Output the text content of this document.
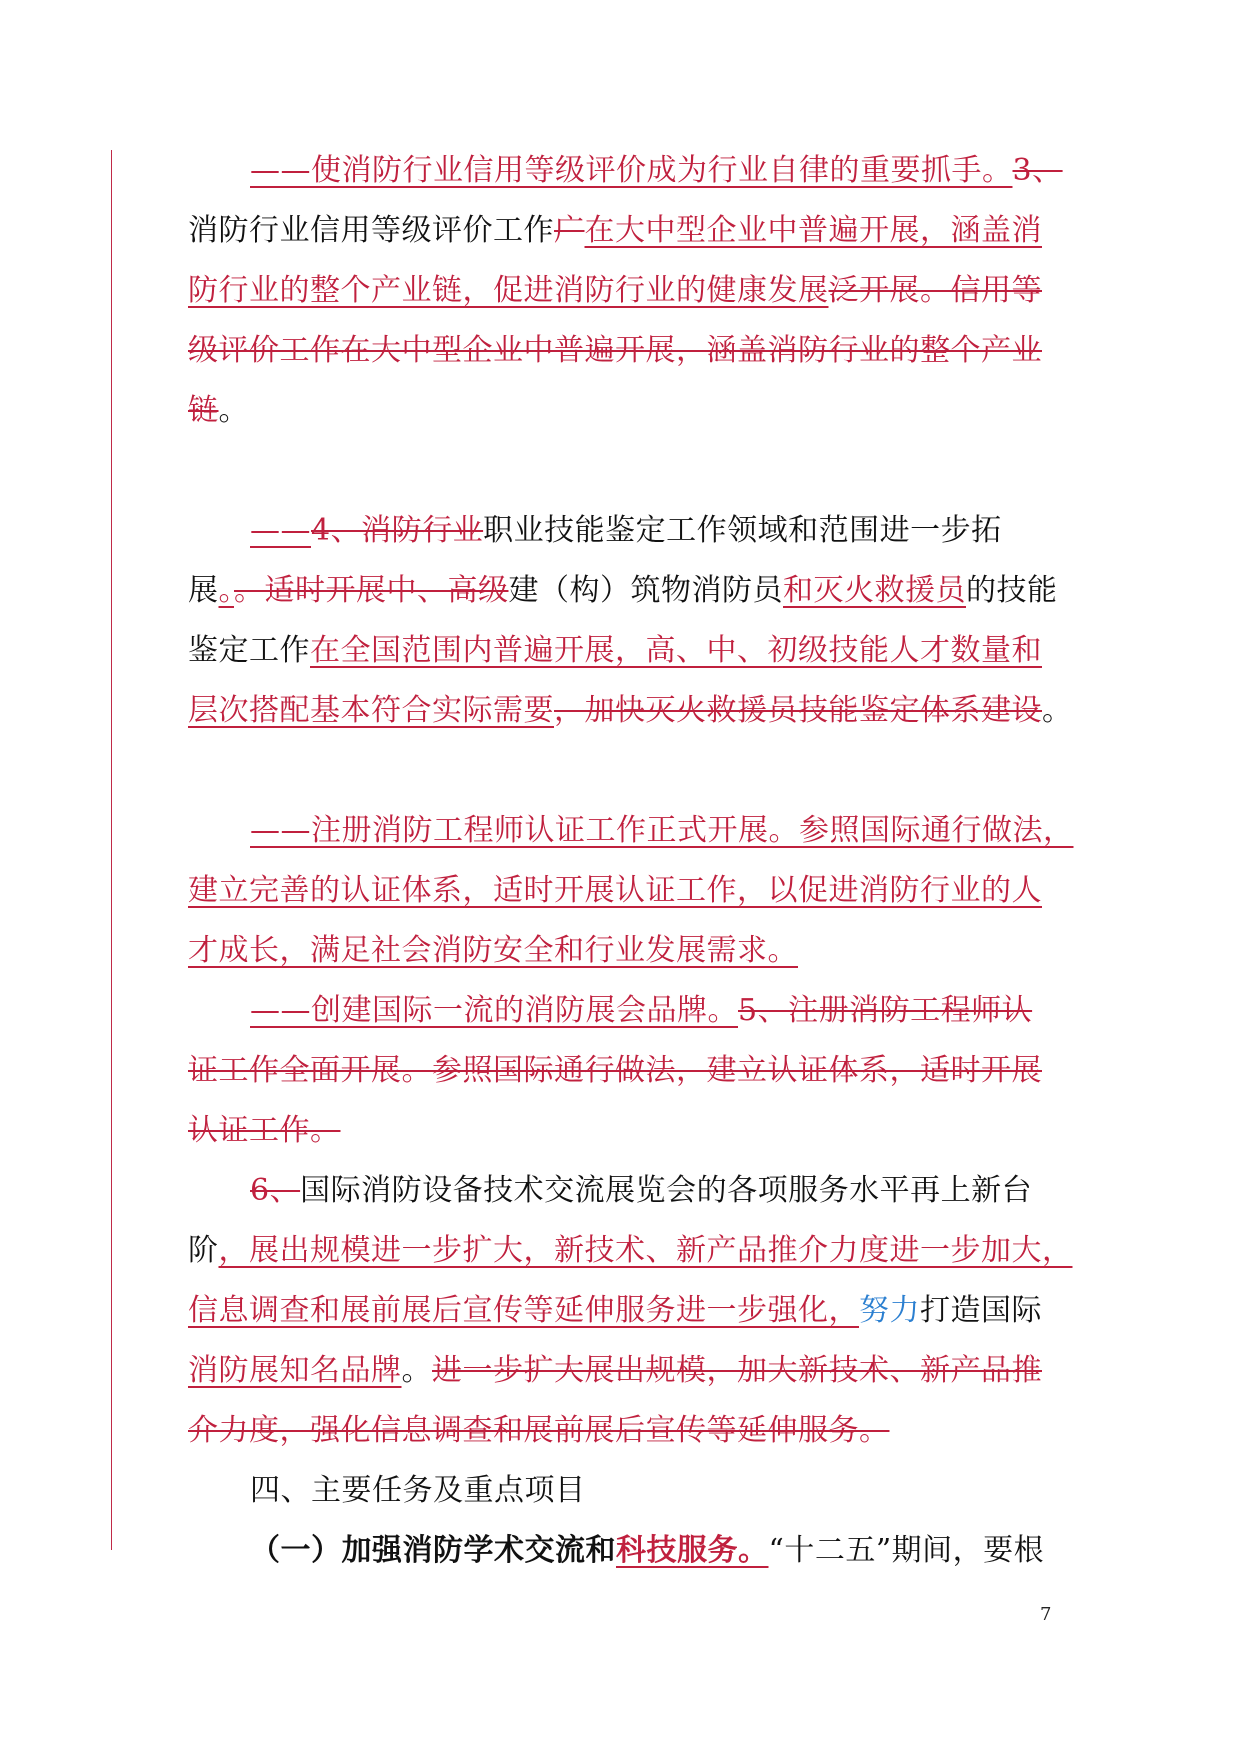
——使消防行业信用等级评价成为行业自律的重要抓手。3、
消防行业信用等级评价工作广在大中型企业中普遍开展，涵盖消
防行业的整个产业链，促进消防行业的健康发展泛开展。信用等
级评价工作在大中型企业中普遍开展，涵盖消防行业的整个产业
链。
——4、消防行业职业技能鉴定工作领域和范围进一步拓
展。。适时开展中、高级建（构）筑物消防员和灭火救援员的技能
鉴定工作在全国范围内普遍开展，高、中、初级技能人才数量和
层次搭配基本符合实际需要，加快灭火救援员技能鉴定体系建设。
——注册消防工程师认证工作正式开展。参照国际通行做法，
建立完善的认证体系，适时开展认证工作，以促进消防行业的人
才成长，满足社会消防安全和行业发展需求。
——创建国际一流的消防展会品牌。5、注册消防工程师认
证工作全面开展。参照国际通行做法，建立认证体系，适时开展
认证工作。
6、国际消防设备技术交流展览会的各项服务水平再上新台
阶，展出规模进一步扩大，新技术、新产品推介力度进一步加大，
信息调查和展前展后宣传等延伸服务进一步强化，努力打造国际
消防展知名品牌。进一步扩大展出规模，加大新技术、新产品推
介力度，强化信息调查和展前展后宣传等延伸服务。
四、主要任务及重点项目
（一）加强消防学术交流和科技服务。“十二五”期间，要根
7
